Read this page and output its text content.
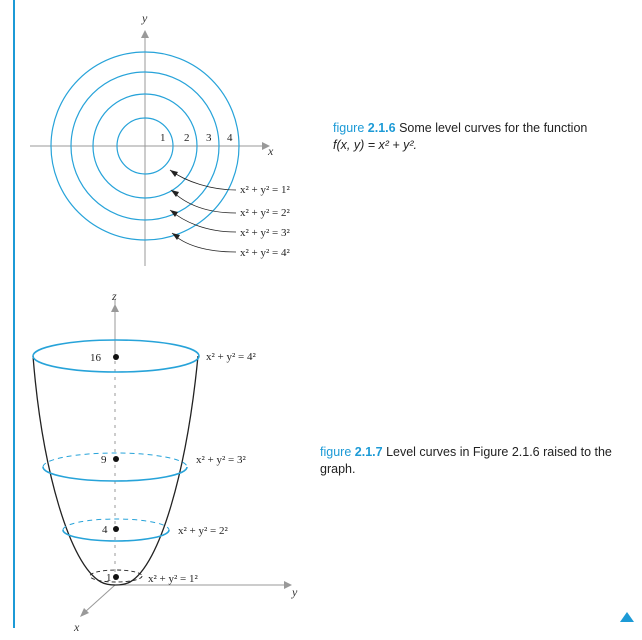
x
y
1 2 3 4
x² + y² = 1²
x² + y² = 2²
x² + y² = 3²
x² + y² = 4²
z
y
x
16
9
4
1
x² + y² = 4²
x² + y² = 3²
x² + y² = 2²
x² + y² = 1²
figure 2.1.6 Some level curves for the function
f(x, y) = x² + y².
figure 2.1.7 Level curves in Figure 2.1.6 raised to the graph.
